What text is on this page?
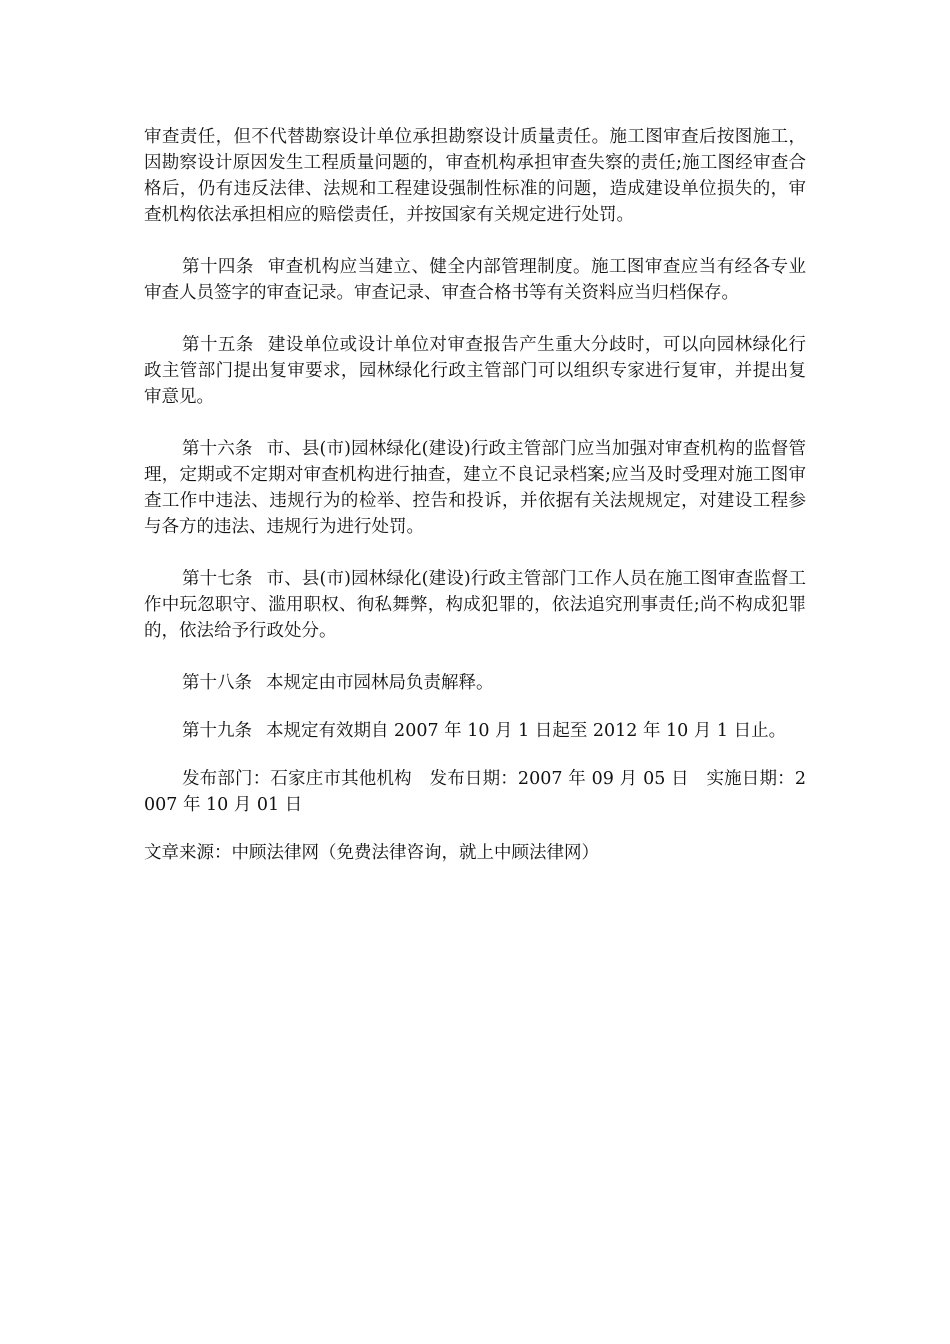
审查责任，但不代替勘察设计单位承担勘察设计质量责任。施工图审查后按图施工，因勘察设计原因发生工程质量问题的，审查机构承担审查失察的责任;施工图经审查合格后，仍有违反法律、法规和工程建设强制性标准的问题，造成建设单位损失的，审查机构依法承担相应的赔偿责任，并按国家有关规定进行处罚。

第十四条 审查机构应当建立、健全内部管理制度。施工图审查应当有经各专业审查人员签字的审查记录。审查记录、审查合格书等有关资料应当归档保存。

第十五条 建设单位或设计单位对审查报告产生重大分歧时，可以向园林绿化行政主管部门提出复审要求，园林绿化行政主管部门可以组织专家进行复审，并提出复审意见。

第十六条 市、县(市)园林绿化(建设)行政主管部门应当加强对审查机构的监督管理，定期或不定期对审查机构进行抽查，建立不良记录档案;应当及时受理对施工图审查工作中违法、违规行为的检举、控告和投诉，并依据有关法规规定，对建设工程参与各方的违法、违规行为进行处罚。

第十七条 市、县(市)园林绿化(建设)行政主管部门工作人员在施工图审查监督工作中玩忽职守、滥用职权、徇私舞弊，构成犯罪的，依法追究刑事责任;尚不构成犯罪的，依法给予行政处分。

第十八条 本规定由市园林局负责解释。

第十九条 本规定有效期自 2007 年 10 月 1 日起至 2012 年 10 月 1 日止。

发布部门：石家庄市其他机构　发布日期：2007 年 09 月 05 日　实施日期：2007 年 10 月 01 日

文章来源：中顾法律网（免费法律咨询，就上中顾法律网）
